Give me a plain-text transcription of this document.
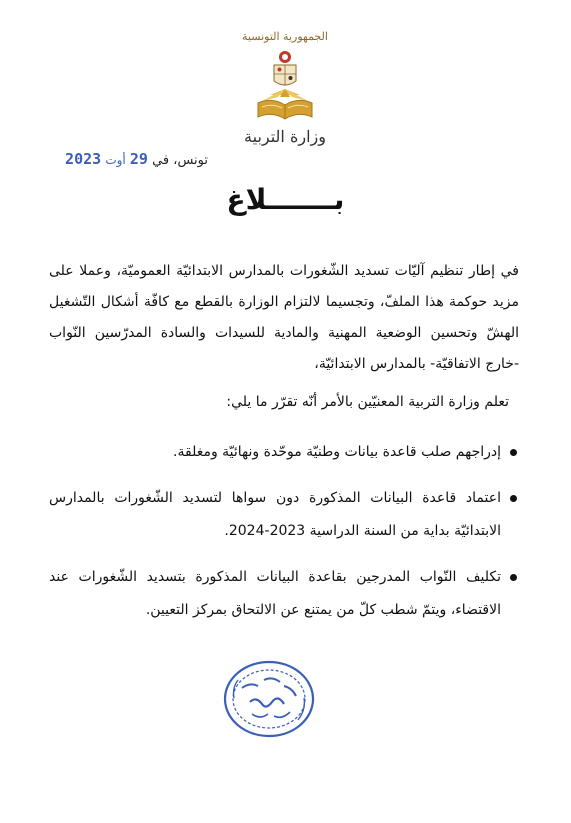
الجمهورية التونسية
وزارة التربية
تونس، في 29 أوت 2023
بـــــــلاغ
في إطار تنظيم آليّات تسديد الشّغورات بالمدارس الابتدائيّة العموميّة، وعملا على مزيد حوكمة هذا الملفّ، وتجسيما لالتزام الوزارة بالقطع مع كافّة أشكال التّشغيل الهشّ وتحسين الوضعية المهنية والمادية للسيدات والسادة المدرّسين النّواب -خارج الاتفاقيّة- بالمدارس الابتدائيّة،
تعلم وزارة التربية المعنيّين بالأمر أنّه تقرّر ما يلي:
إدراجهم صلب قاعدة بيانات وطنيّة موحّدة ونهائيّة ومغلقة.
اعتماد قاعدة البيانات المذكورة دون سواها لتسديد الشّغورات بالمدارس الابتدائيّة بداية من السنة الدراسية 2023-2024.
تكليف النّواب المدرجين بقاعدة البيانات المذكورة بتسديد الشّغورات عند الاقتضاء، ويتمّ شطب كلّ من يمتنع عن الالتحاق بمركز التعيين.
